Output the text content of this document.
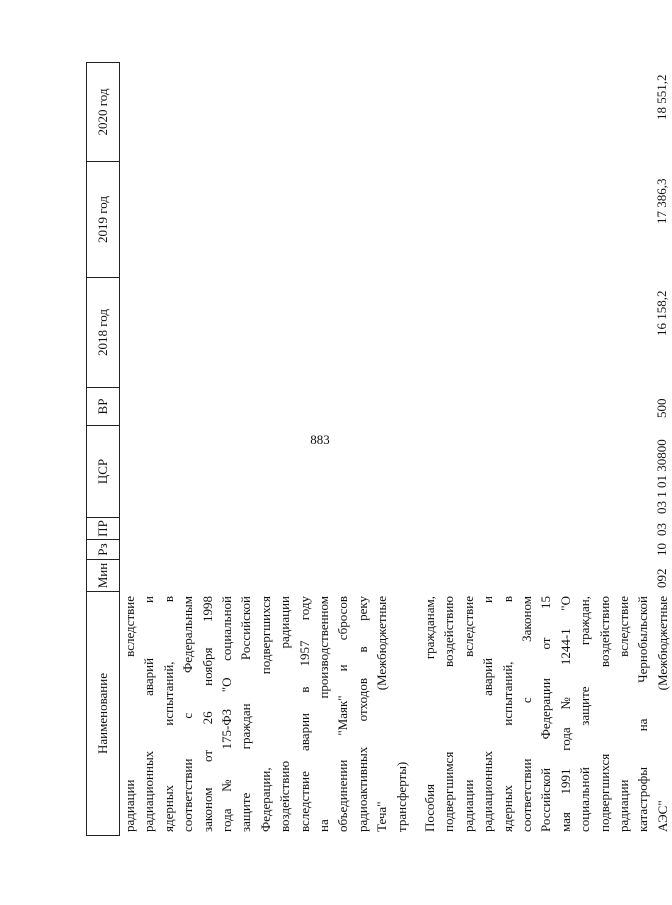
883
Наименование
Мин
Рз
ПР
ЦСР
ВР
2018 год
2019 год
2020 год
радиации вследствие радиационных аварий и ядерных испытаний, в соответствии с Федеральным законом от 26 ноября 1998 года № 175-ФЗ "О социальной защите граждан Российской Федерации, подвергшихся воздействию радиации вследствие аварии в 1957 году на производственном объединении "Маяк" и сбросов радиоактивных отходов в реку Теча" (Межбюджетные трансферты) Пособия гражданам, подвергшимся воздействию радиации вследствие радиационных аварий и ядерных испытаний, в соответствии с Законом Российской Федерации от 15 мая 1991 года № 1244-1 "О социальной защите граждан, подвергшихся воздействию радиации вследствие катастрофы на Чернобыльской АЭС" (Межбюджетные
092
10
03
03 1 01 30800
500
16 158,2
17 386,3
18 551,2
